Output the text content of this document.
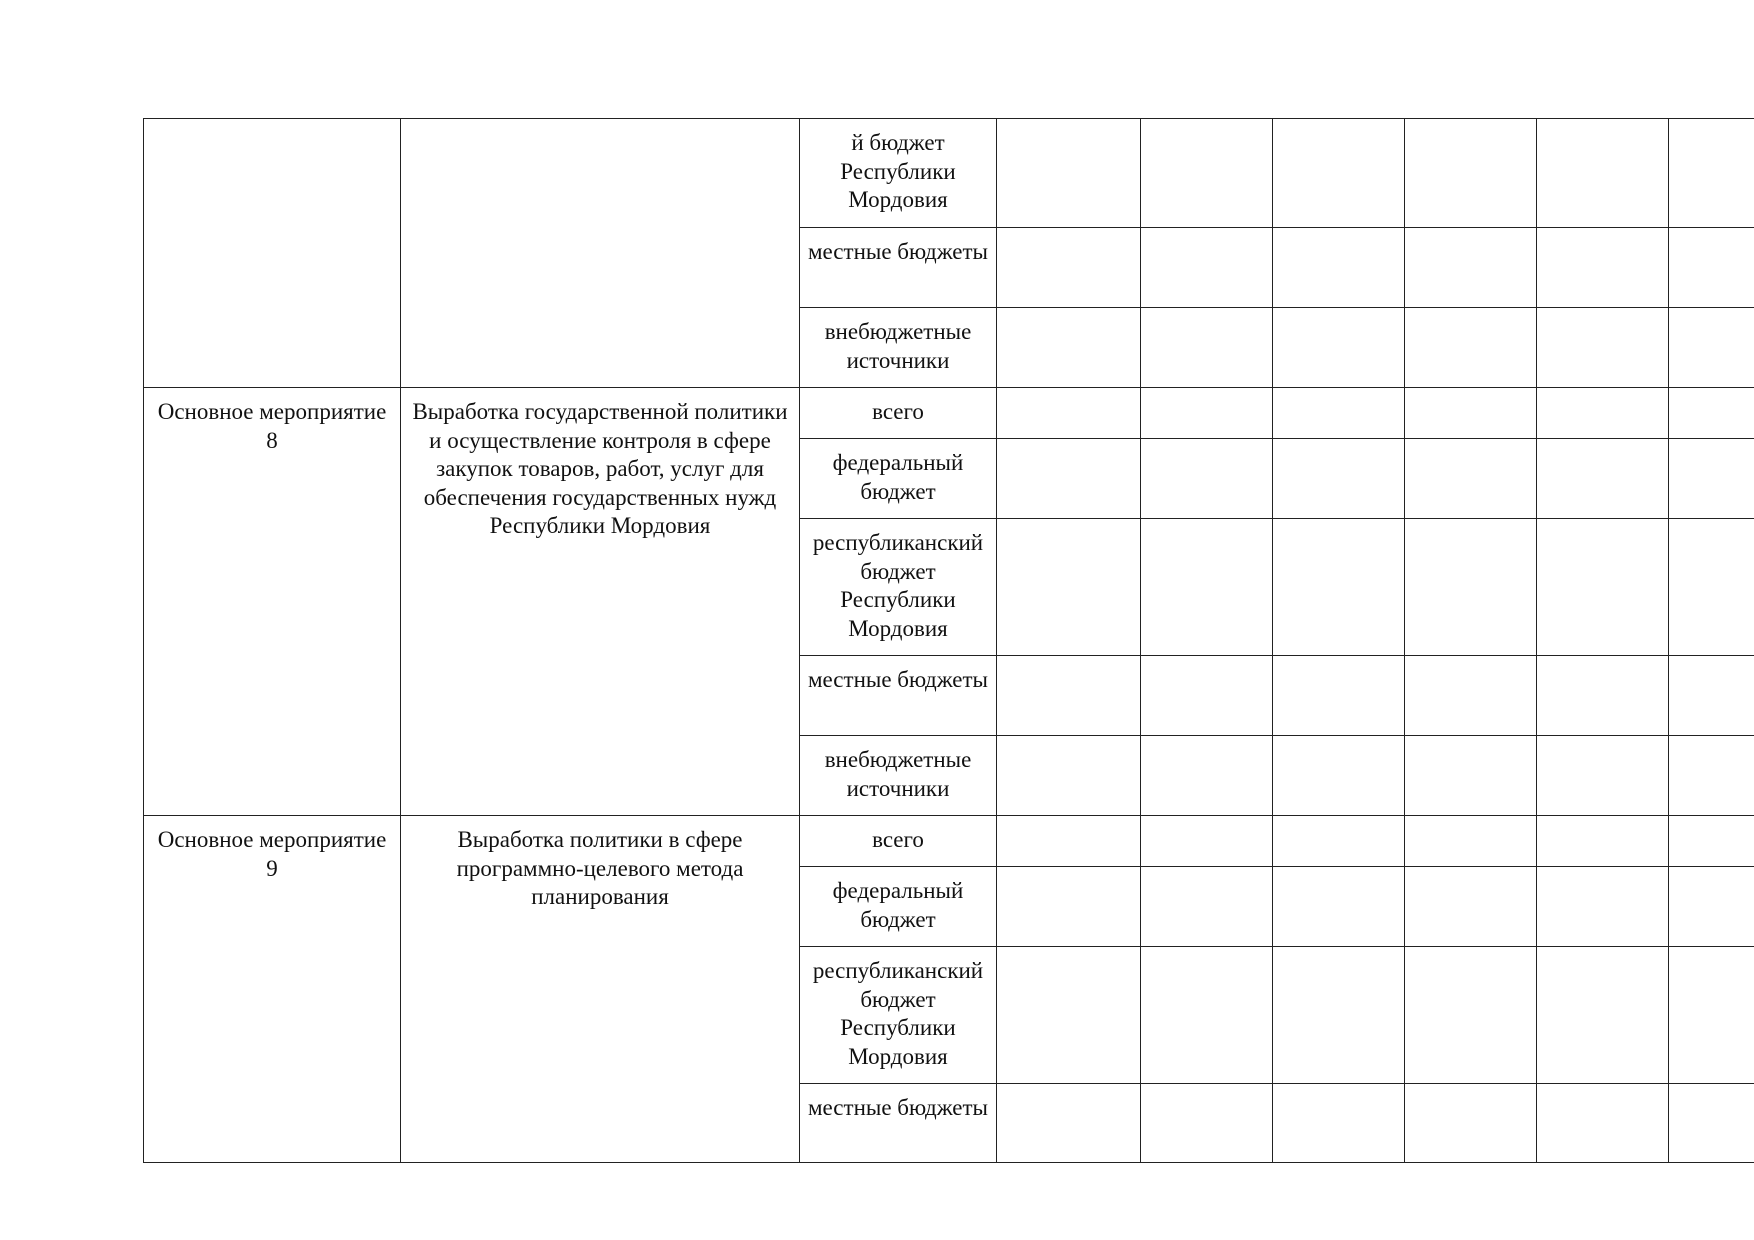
		й бюджет Республики Мордовия						

		местные бюджеты						

		внебюджетные источники						

Основное мероприятие 8	Выработка государственной политики и осуществление контроля в сфере закупок товаров, работ, услуг для обеспечения государственных нужд Республики Мордовия	всего						

		федеральный бюджет						

		республиканский бюджет Республики Мордовия						

		местные бюджеты						

		внебюджетные источники						

Основное мероприятие 9	Выработка политики в сфере программно-целевого метода планирования	всего						

		федеральный бюджет						

		республиканский бюджет Республики Мордовия						

		местные бюджеты						
